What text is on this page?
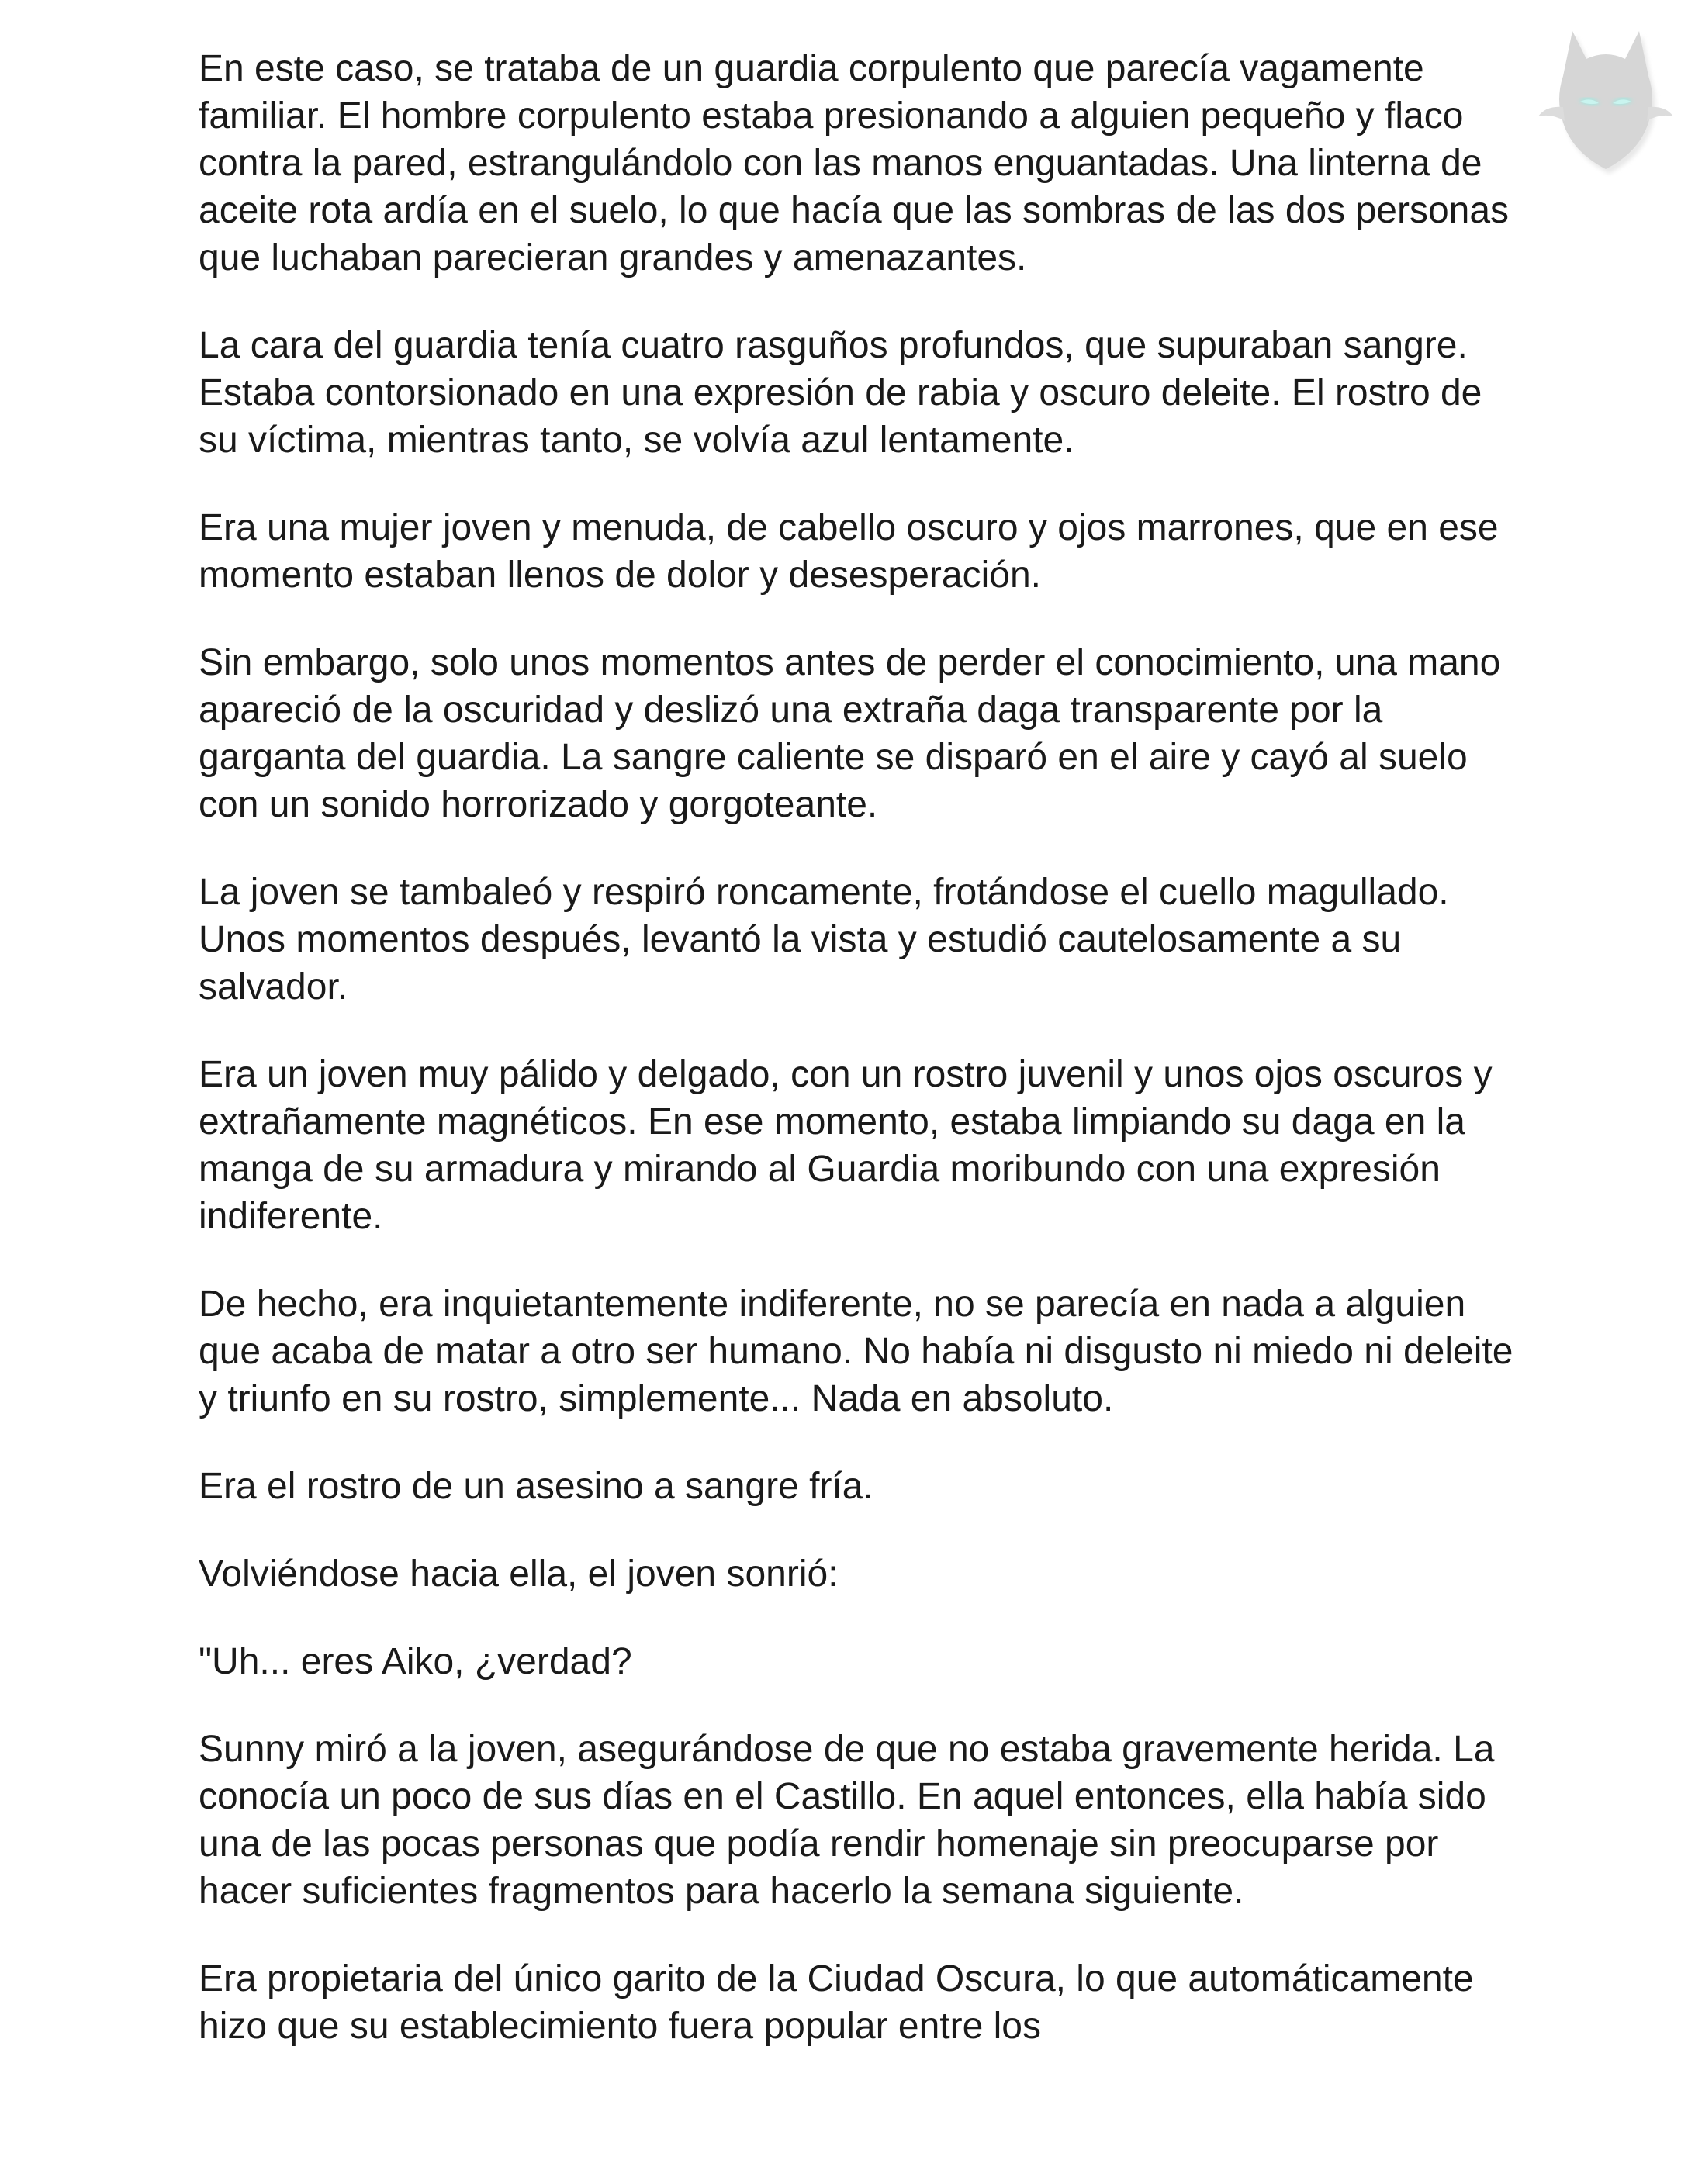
En este caso, se trataba de un guardia corpulento que parecía vagamente familiar. El hombre corpulento estaba presionando a alguien pequeño y flaco contra la pared, estrangulándolo con las manos enguantadas. Una linterna de aceite rota ardía en el suelo, lo que hacía que las sombras de las dos personas que luchaban parecieran grandes y amenazantes.

La cara del guardia tenía cuatro rasguños profundos, que supuraban sangre. Estaba contorsionado en una expresión de rabia y oscuro deleite. El rostro de su víctima, mientras tanto, se volvía azul lentamente.

Era una mujer joven y menuda, de cabello oscuro y ojos marrones, que en ese momento estaban llenos de dolor y desesperación.

Sin embargo, solo unos momentos antes de perder el conocimiento, una mano apareció de la oscuridad y deslizó una extraña daga transparente por la garganta del guardia. La sangre caliente se disparó en el aire y cayó al suelo con un sonido horrorizado y gorgoteante.

La joven se tambaleó y respiró roncamente, frotándose el cuello magullado. Unos momentos después, levantó la vista y estudió cautelosamente a su salvador.

Era un joven muy pálido y delgado, con un rostro juvenil y unos ojos oscuros y extrañamente magnéticos. En ese momento, estaba limpiando su daga en la manga de su armadura y mirando al Guardia moribundo con una expresión indiferente.

De hecho, era inquietantemente indiferente, no se parecía en nada a alguien que acaba de matar a otro ser humano. No había ni disgusto ni miedo ni deleite y triunfo en su rostro, simplemente... Nada en absoluto.

Era el rostro de un asesino a sangre fría.

Volviéndose hacia ella, el joven sonrió:

"Uh... eres Aiko, ¿verdad?

Sunny miró a la joven, asegurándose de que no estaba gravemente herida. La conocía un poco de sus días en el Castillo. En aquel entonces, ella había sido una de las pocas personas que podía rendir homenaje sin preocuparse por hacer suficientes fragmentos para hacerlo la semana siguiente.

Era propietaria del único garito de la Ciudad Oscura, lo que automáticamente hizo que su establecimiento fuera popular entre los
